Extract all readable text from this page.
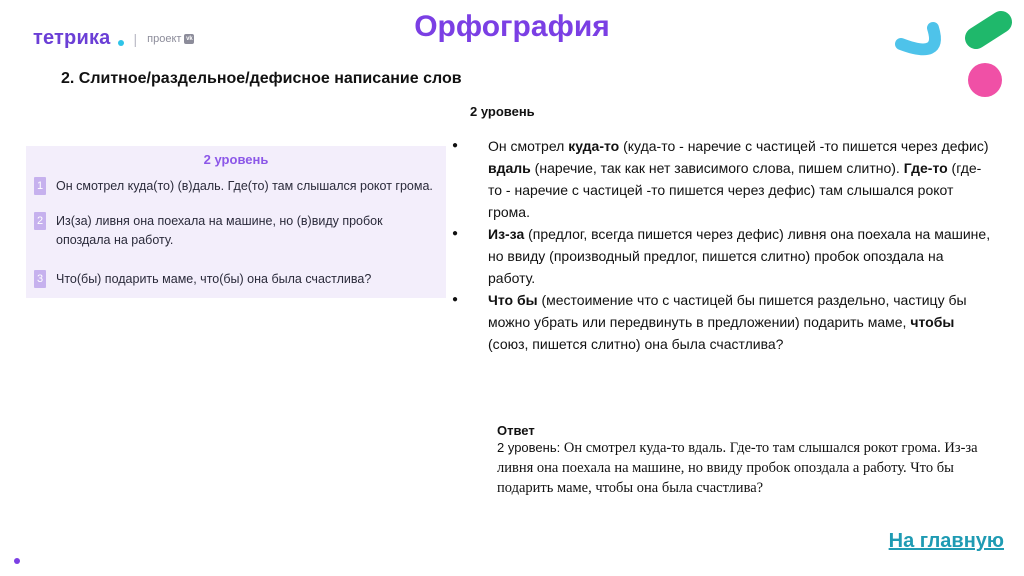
тетрика | проект vk	Орфография
2. Слитное/раздельное/дефисное написание слов
2 уровень
2 уровень
1 Он смотрел куда(то) (в)даль. Где(то) там слышался рокот грома.
2 Из(за) ливня она поехала на машине, но (в)виду пробок опоздала на работу.
3 Что(бы) подарить маме, что(бы) она была счастлива?
● Он смотрел куда-то (куда-то - наречие с частицей -то пишется через дефис) вдаль (наречие, так как нет зависимого слова, пишем слитно). Где-то (где-то - наречие с частицей -то пишется через дефис) там слышался рокот грома.
● Из-за (предлог, всегда пишется через дефис) ливня она поехала на машине, но ввиду (производный предлог, пишется слитно) пробок опоздала на работу.
● Что бы (местоимение что с частицей бы пишется раздельно, частицу бы можно убрать или передвинуть в предложении) подарить маме, чтобы (союз, пишется слитно) она была счастлива?
Ответ
2 уровень: Он смотрел куда-то вдаль. Где-то там слышался рокот грома. Из-за ливня она поехала на машине, но ввиду пробок опоздала а работу. Что бы подарить маме, чтобы она была счастлива?
На главную
